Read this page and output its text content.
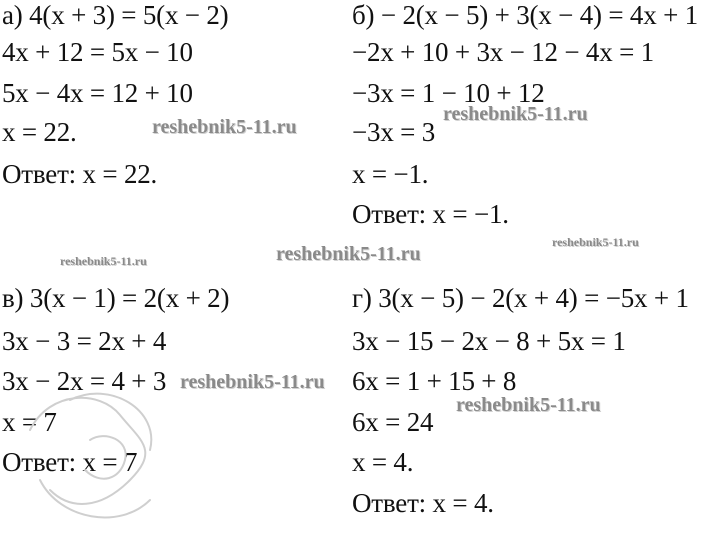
а) 4(x + 3) = 5(x − 2)
4x + 12 = 5x − 10
5x − 4x = 12 + 10
x = 22.
Ответ: x = 22.
б) − 2(x − 5) + 3(x − 4) = 4x + 1
−2x + 10 + 3x − 12 − 4x = 1
−3x = 1 − 10 + 12
−3x = 3
x = −1.
Ответ: x = −1.
в) 3(x − 1) = 2(x + 2)
3x − 3 = 2x + 4
3x − 2x = 4 + 3
x = 7
Ответ: x = 7
г) 3(x − 5) − 2(x + 4) = −5x + 1
3x − 15 − 2x − 8 + 5x = 1
6x = 1 + 15 + 8
6x = 24
x = 4.
Ответ: x = 4.
reshebnik5-11.ru
reshebnik5-11.ru
reshebnik5-11.ru
reshebnik5-11.ru	reshebnik5-11.ru
reshebnik5-11.ru
reshebnik5-11.ru
